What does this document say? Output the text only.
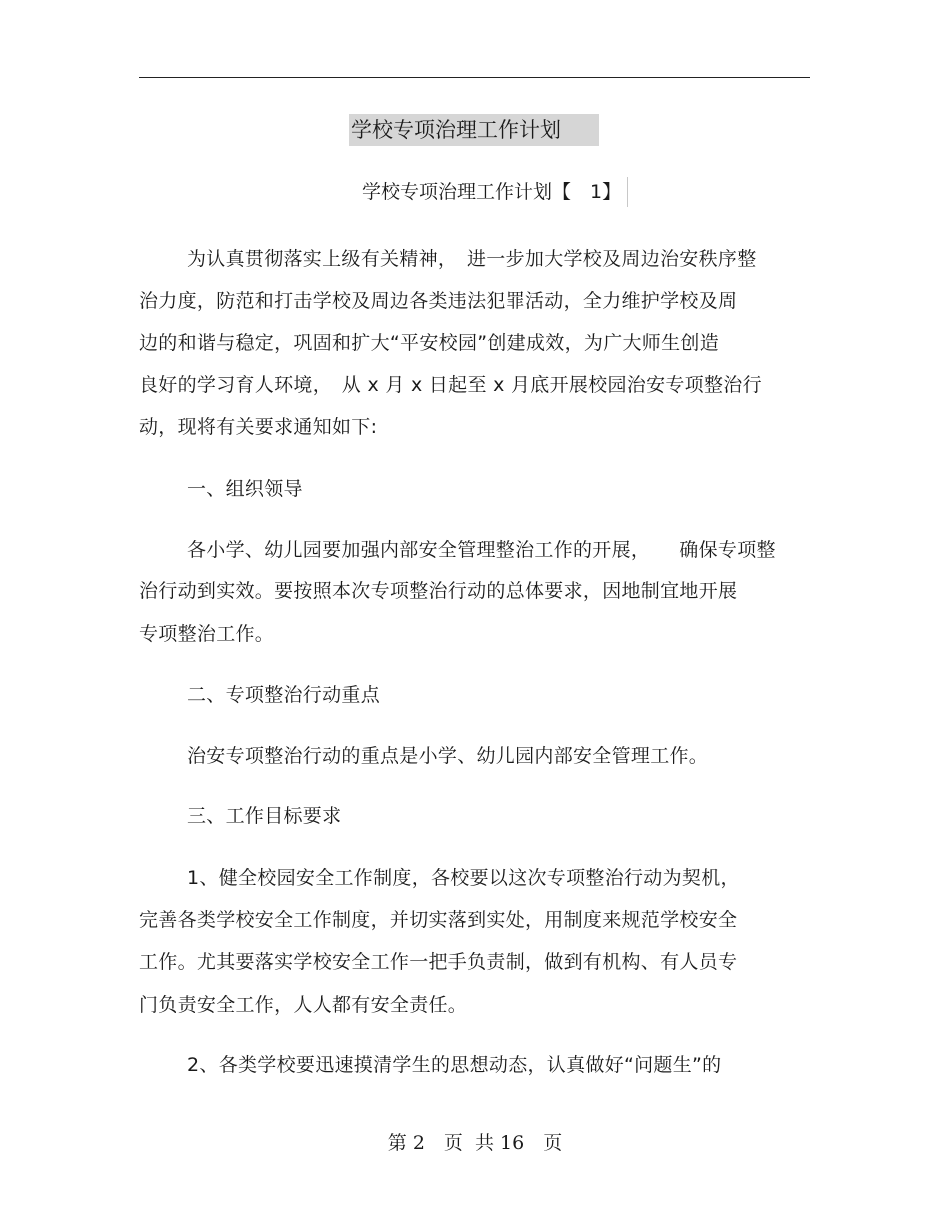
学校专项治理工作计划
学校专项治理工作计划【　1】
为认真贯彻落实上级有关精神，　进一步加大学校及周边治安秩序整
治力度，防范和打击学校及周边各类违法犯罪活动，全力维护学校及周
边的和谐与稳定，巩固和扩大“平安校园”创建成效，为广大师生创造
良好的学习育人环境，　从 x 月 x 日起至 x 月底开展校园治安专项整治行
动，现将有关要求通知如下:
一、组织领导
各小学、幼儿园要加强内部安全管理整治工作的开展，　　确保专项整
治行动到实效。要按照本次专项整治行动的总体要求，因地制宜地开展
专项整治工作。
二、专项整治行动重点
治安专项整治行动的重点是小学、幼儿园内部安全管理工作。
三、工作目标要求
1、健全校园安全工作制度，各校要以这次专项整治行动为契机，
完善各类学校安全工作制度，并切实落到实处，用制度来规范学校安全
工作。尤其要落实学校安全工作一把手负责制，做到有机构、有人员专
门负责安全工作，人人都有安全责任。
2、各类学校要迅速摸清学生的思想动态，认真做好“问题生”的
第 2　页  共 16　页
